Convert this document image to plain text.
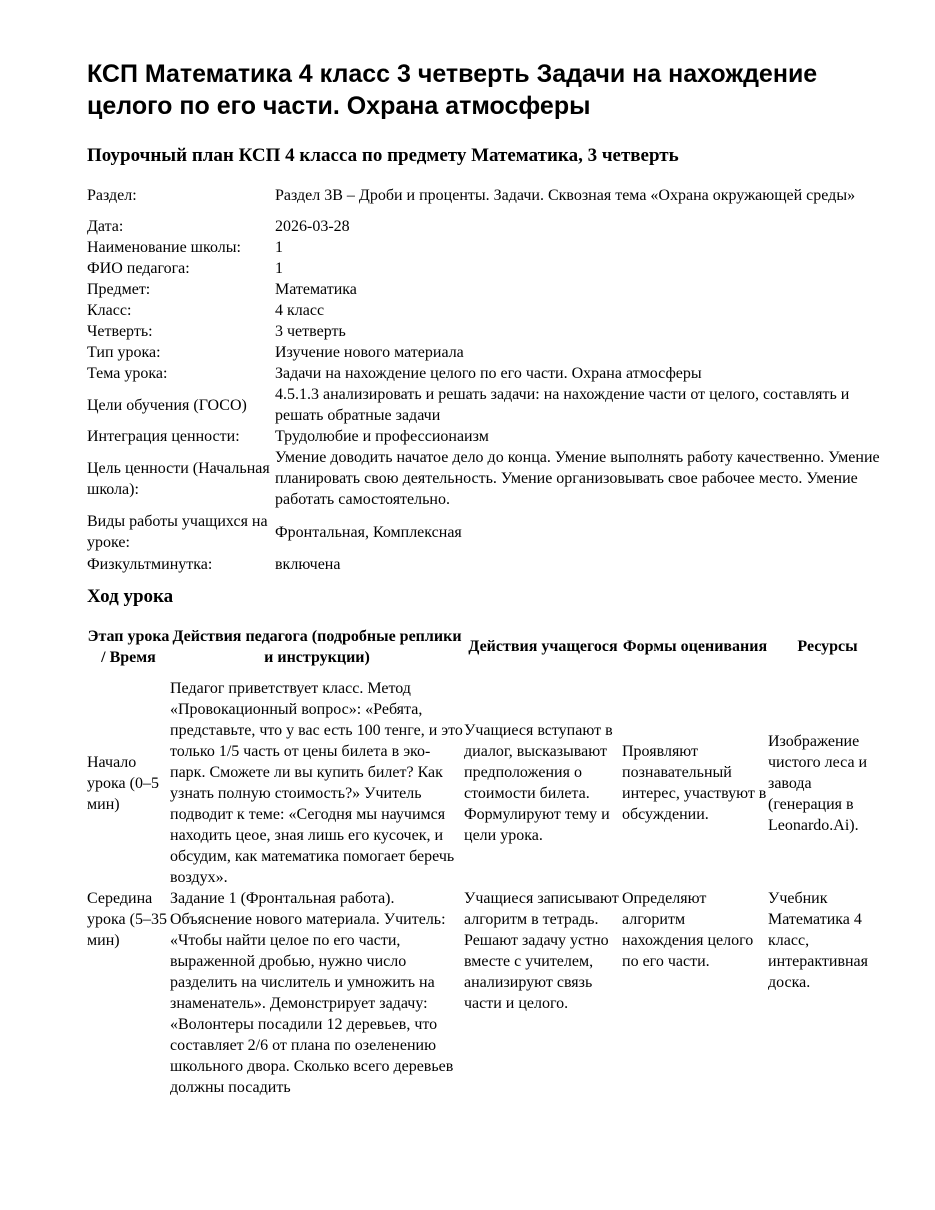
КСП Математика 4 класс 3 четверть Задачи на нахождение целого по его части. Охрана атмосферы
Поурочный план КСП 4 класса по предмету Математика, 3 четверть
Раздел:	Раздел 3В – Дроби и проценты. Задачи. Сквозная тема «Охрана окружающей среды»
Дата:	2026-03-28
Наименование школы:	1
ФИО педагога:	1
Предмет:	Математика
Класс:	4 класс
Четверть:	3 четверть
Тип урока:	Изучение нового материала
Тема урока:	Задачи на нахождение целого по его части. Охрана атмосферы
Цели обучения (ГОСО)	4.5.1.3 анализировать и решать задачи: на нахождение части от целого, составлять и решать обратные задачи
Интеграция ценности:	Трудолюбие и профессионаизм
Цель ценности (Начальная школа):	Умение доводить начатое дело до конца. Умение выполнять работу качественно. Умение планировать свою деятельность. Умение организовывать свое рабочее место. Умение работать самостоятельно.
Виды работы учащихся на уроке:	Фронтальная, Комплексная
Физкультминутка:	включена
Ход урока
Этап урока / Время	Действия педагога (подробные реплики и инструкции)	Действия учащегося	Формы оценивания	Ресурсы
Начало урока (0–5 мин)	Педагог приветствует класс. Метод «Провокационный вопрос»: «Ребята, представьте, что у вас есть 100 тенге, и это только 1/5 часть от цены билета в эко-парк. Сможете ли вы купить билет? Как узнать полную стоимость?» Учитель подводит к теме: «Сегодня мы научимся находить цеое, зная лишь его кусочек, и обсудим, как математика помогает беречь воздух».	Учащиеся вступают в диалог, высказывают предположения о стоимости билета. Формулируют тему и цели урока.	Проявляют познавательный интерес, участвуют в обсуждении.	Изображение чистого леса и завода (генерация в Leonardo.Ai).
Середина урока (5–35 мин)	Задание 1 (Фронтальная работа). Объяснение нового материала. Учитель: «Чтобы найти целое по его части, выраженной дробью, нужно число разделить на числитель и умножить на знаменатель». Демонстрирует задачу: «Волонтеры посадили 12 деревьев, что составляет 2/6 от плана по озеленению школьного двора. Сколько всего деревьев должны посадить	Учащиеся записывают алгоритм в тетрадь. Решают задачу устно вместе с учителем, анализируют связь части и целого.	Определяют алгоритм нахождения целого по его части.	Учебник Математика 4 класс, интерактивная доска.
